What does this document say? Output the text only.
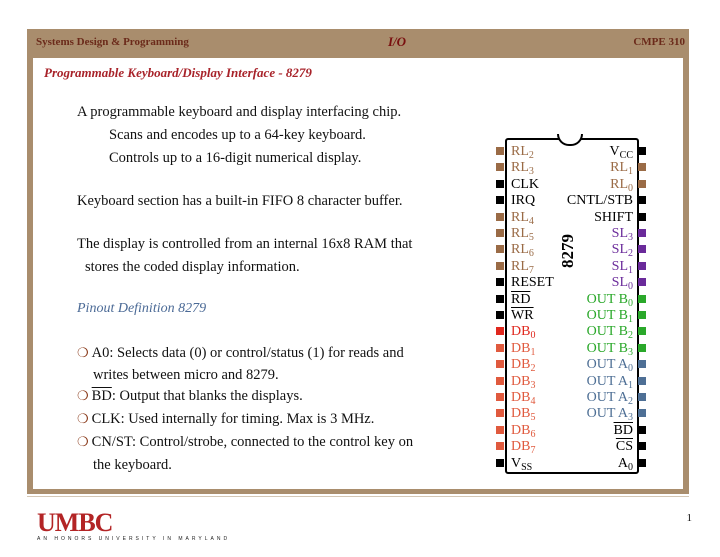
Systems Design & Programming	I/O	CMPE 310
Programmable Keyboard/Display Interface - 8279
A programmable keyboard and display interfacing chip.
Scans and encodes up to a 64-key keyboard.
Controls up to a 16-digit numerical display.
Keyboard section has a built-in FIFO 8 character buffer.
The display is controlled from an internal 16x8 RAM that
stores the coded display information.
Pinout Definition 8279
❍ A0: Selects data (0) or control/status (1) for reads and
writes between micro and 8279.
❍ $\overline{BD}$: Output that blanks the displays.
❍ CLK: Used internally for timing. Max is 3 MHz.
❍ CN/ST: Control/strobe, connected to the control key on
the keyboard.
8279
$RL_2$
$RL_3$
CLK
IRQ
$RL_4$
$RL_5$
$RL_6$
$RL_7$
RESET
$\overline{RD}$
$\overline{WR}$
$DB_0$
$DB_1$
$DB_2$
$DB_3$
$DB_4$
$DB_5$
$DB_6$
$DB_7$
$V_{SS}$
$V_{CC}$
$RL_1$
$RL_0$
CNTL/STB
SHIFT
$SL_3$
$SL_2$
$SL_1$
$SL_0$
OUT $B_0$
OUT $B_1$
OUT $B_2$
OUT $B_3$
OUT $A_0$
OUT $A_1$
OUT $A_2$
OUT $A_3$
$\overline{BD}$
$\overline{CS}$
$A_0$
UMBC
AN HONORS UNIVERSITY IN MARYLAND
1
